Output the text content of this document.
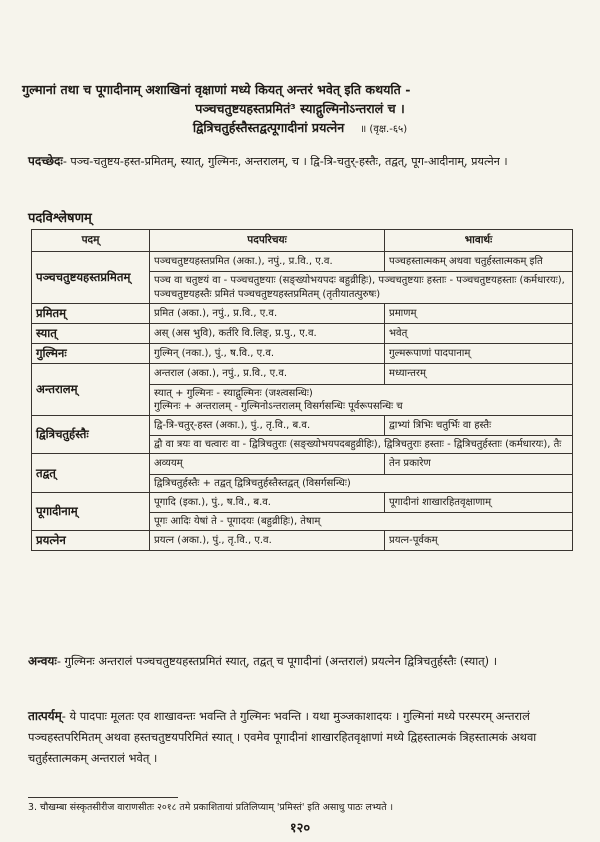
गुल्मानां तथा च पूगादीनाम् अशाखिनां वृक्षाणां मध्ये कियत् अन्तरं भवेत् इति कथयति -

पञ्चचतुष्टयहस्तप्रमितं³ स्याद्गुल्मिनोऽन्तरालं च ।

द्वित्रिचतुर्हस्तैस्तद्वत्पूगादीनां प्रयत्नेन ॥ (वृक्ष.-६५)

पदच्छेदः- पञ्च-चतुष्टय-हस्त-प्रमितम्, स्यात्, गुल्मिनः, अन्तरालम्, च । द्वि-त्रि-चतुर्-हस्तैः, तद्वत्, पूग-आदीनाम्, प्रयत्नेन ।
पदविश्लेषणम्
पदम्	पदपरिचयः	भावार्थः
पञ्चचतुष्टयहस्तप्रमितम्	पञ्चचतुष्टयहस्तप्रमित (अका.), नपुं., प्र.वि., ए.व.	पञ्चहस्तात्मकम् अथवा चतुर्हस्तात्मकम् इति
	पञ्च वा चतुष्टयं वा - पञ्चचतुष्टयाः (सङ्ख्योभयपदः बहुव्रीहिः), पञ्चचतुष्टयाः हस्ताः - पञ्चचतुष्टयहस्ताः (कर्मधारयः), पञ्चचतुष्टयहस्तैः प्रमितं पञ्चचतुष्टयहस्तप्रमितम् (तृतीयातत्पुरुषः)	
प्रमितम्	प्रमित (अका.), नपुं., प्र.वि., ए.व.	प्रमाणम्
स्यात्	अस् (अस भुवि), कर्तरि वि.लिङ्, प्र.पु., ए.व.	भवेत्
गुल्मिनः	गुल्मिन् (नका.), पुं., ष.वि., ए.व.	गुल्मरूपाणां पादपानाम्
अन्तरालम्	अन्तराल (अका.), नपुं., प्र.वि., ए.व.	मध्यान्तरम्

	स्यात् + गुल्मिनः - स्याद्गुल्मिनः (जश्त्वसन्धिः)
गुल्मिनः + अन्तरालम् - गुल्मिनोऽन्तरालम् विसर्गसन्धिः पूर्वरूपसन्धिः च	

द्वित्रिचतुर्हस्तैः	द्वि-त्रि-चतुर्-हस्त (अका.), पुं., तृ.वि., ब.व.	द्वाभ्यां त्रिभिः चतुर्भिः वा हस्तैः
	द्वौ वा त्रयः वा चत्वारः वा - द्वित्रिचतुराः (सङ्ख्योभयपदबहुव्रीहिः), द्वित्रिचतुराः हस्ताः - द्वित्रिचतुर्हस्ताः (कर्मधारयः), तैः	
तद्वत्	अव्ययम्	तेन प्रकारेण
	द्वित्रिचतुर्हस्तैः + तद्वत् द्वित्रिचतुर्हस्तैस्तद्वत् (विसर्गसन्धिः)	
पूगादीनाम्	पूगादि (इका.), पुं., ष.वि., ब.व.	पूगादीनां शाखारहितवृक्षाणाम्
	पूगः आदिः येषां ते - पूगादयः (बहुव्रीहिः), तेषाम्	
प्रयत्नेन	प्रयत्न (अका.), पुं., तृ.वि., ए.व.	प्रयत्न-पूर्वकम्
अन्वयः- गुल्मिनः अन्तरालं पञ्चचतुष्टयहस्तप्रमितं स्यात्, तद्वत् च पूगादीनां (अन्तरालं) प्रयत्नेन द्वित्रिचतुर्हस्तैः (स्यात्) ।
तात्पर्यम्- ये पादपाः मूलतः एव शाखावन्तः भवन्ति ते गुल्मिनः भवन्ति । यथा मुञ्जकाशादयः । गुल्मिनां मध्ये परस्परम् अन्तरालं पञ्चहस्तपरिमितम् अथवा हस्तचतुष्टयपरिमितं स्यात् । एवमेव पूगादीनां शाखारहितवृक्षाणां मध्ये द्विहस्तात्मकं त्रिहस्तात्मकं अथवा चतुर्हस्तात्मकम् अन्तरालं भवेत् ।
3. चौखम्बा संस्कृतसीरीज वाराणसीतः २०१८ तमे प्रकाशितायां प्रतिलिप्याम् 'प्रमिस्तं' इति असाधु पाठः लभ्यते ।
१२०
